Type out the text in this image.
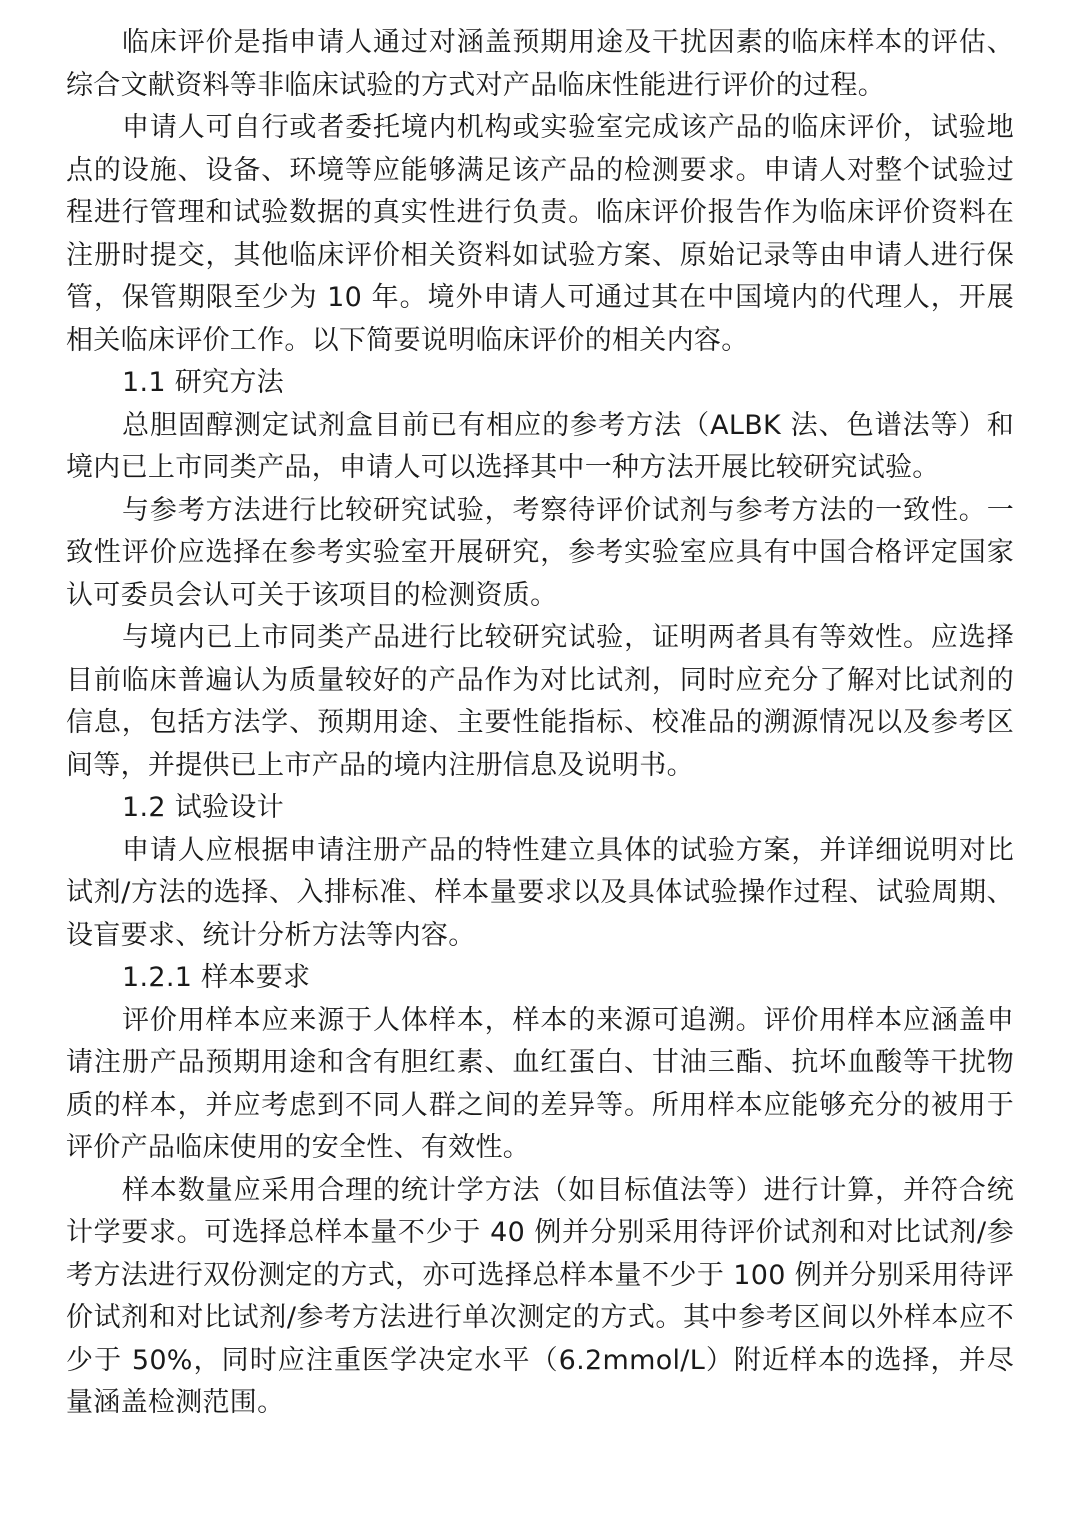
临床评价是指申请人通过对涵盖预期用途及干扰因素的临床样本的评估、综合文献资料等非临床试验的方式对产品临床性能进行评价的过程。

申请人可自行或者委托境内机构或实验室完成该产品的临床评价，试验地点的设施、设备、环境等应能够满足该产品的检测要求。申请人对整个试验过程进行管理和试验数据的真实性进行负责。临床评价报告作为临床评价资料在注册时提交，其他临床评价相关资料如试验方案、原始记录等由申请人进行保管，保管期限至少为 10 年。境外申请人可通过其在中国境内的代理人，开展相关临床评价工作。以下简要说明临床评价的相关内容。

1.1 研究方法

总胆固醇测定试剂盒目前已有相应的参考方法（ALBK 法、色谱法等）和境内已上市同类产品，申请人可以选择其中一种方法开展比较研究试验。

与参考方法进行比较研究试验，考察待评价试剂与参考方法的一致性。一致性评价应选择在参考实验室开展研究，参考实验室应具有中国合格评定国家认可委员会认可关于该项目的检测资质。

与境内已上市同类产品进行比较研究试验，证明两者具有等效性。应选择目前临床普遍认为质量较好的产品作为对比试剂，同时应充分了解对比试剂的信息，包括方法学、预期用途、主要性能指标、校准品的溯源情况以及参考区间等，并提供已上市产品的境内注册信息及说明书。

1.2 试验设计

申请人应根据申请注册产品的特性建立具体的试验方案，并详细说明对比试剂/方法的选择、入排标准、样本量要求以及具体试验操作过程、试验周期、设盲要求、统计分析方法等内容。

1.2.1 样本要求

评价用样本应来源于人体样本，样本的来源可追溯。评价用样本应涵盖申请注册产品预期用途和含有胆红素、血红蛋白、甘油三酯、抗坏血酸等干扰物质的样本，并应考虑到不同人群之间的差异等。所用样本应能够充分的被用于评价产品临床使用的安全性、有效性。

样本数量应采用合理的统计学方法（如目标值法等）进行计算，并符合统计学要求。可选择总样本量不少于 40 例并分别采用待评价试剂和对比试剂/参考方法进行双份测定的方式，亦可选择总样本量不少于 100 例并分别采用待评价试剂和对比试剂/参考方法进行单次测定的方式。其中参考区间以外样本应不少于 50%，同时应注重医学决定水平（6.2mmol/L）附近样本的选择，并尽量涵盖检测范围。
